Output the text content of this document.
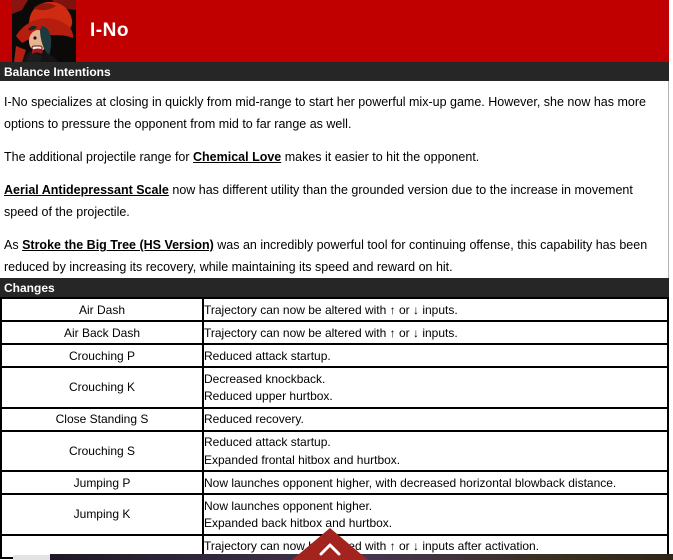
I-No
Balance Intentions
I-No specializes at closing in quickly from mid-range to start her powerful mix-up game. However, she now has more options to pressure the opponent from mid to far range as well.
The additional projectile range for Chemical Love makes it easier to hit the opponent.
Aerial Antidepressant Scale now has different utility than the grounded version due to the increase in movement speed of the projectile.
As Stroke the Big Tree (HS Version) was an incredibly powerful tool for continuing offense, this capability has been reduced by increasing its recovery, while maintaining its speed and reward on hit.
Changes
Air Dash	Trajectory can now be altered with ↑ or ↓ inputs.

Air Back Dash	Trajectory can now be altered with ↑ or ↓ inputs.

Crouching P	Reduced attack startup.

Crouching K	Decreased knockback.
Reduced upper hurtbox.

Close Standing S	Reduced recovery.

Crouching S	Reduced attack startup.
Expanded frontal hitbox and hurtbox.

Jumping P	Now launches opponent higher, with decreased horizontal blowback distance.

Jumping K	Now launches opponent higher.
Expanded back hitbox and hurtbox.

	Trajectory can now be altered with ↑ or ↓ inputs after activation.
